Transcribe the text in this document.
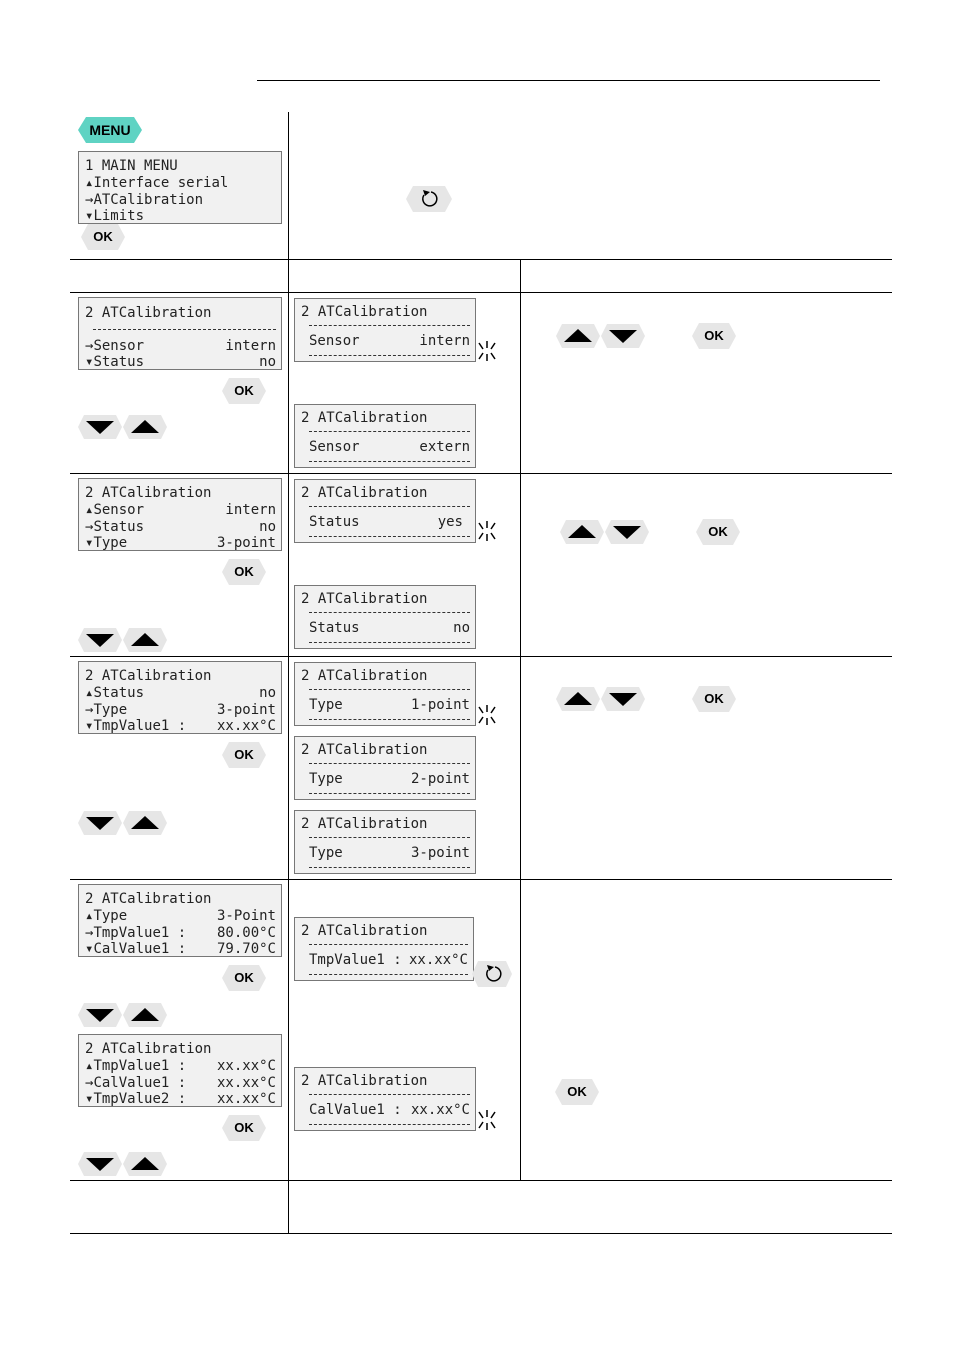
MENU
1 MAIN MENU
▴Interface serial
→ATCalibration
▾Limits
OK
2 ATCalibration
intern
→Sensor
no
▾Status
OK
2 ATCalibration
intern
Sensor
2 ATCalibration
extern
Sensor
OK
2 ATCalibration
intern
▴Sensor
no
→Status
3-point
▾Type
OK
2 ATCalibration
yes
Status
2 ATCalibration
no
Status
OK
2 ATCalibration
no
▴Status
3-point
→Type
xx.xx°C
▾TmpValue1 :
OK
2 ATCalibration
1-point
Type
2 ATCalibration
2-point
Type
2 ATCalibration
3-point
Type
OK
2 ATCalibration
3-Point
▴Type
80.00°C
→TmpValue1 :
79.70°C
▾CalValue1 :
OK
2 ATCalibration
xx.xx°C
▴TmpValue1 :
xx.xx°C
→CalValue1 :
xx.xx°C
▾TmpValue2 :
OK
2 ATCalibration
xx.xx°C
TmpValue1 :
2 ATCalibration
xx.xx°C
CalValue1 :
OK
